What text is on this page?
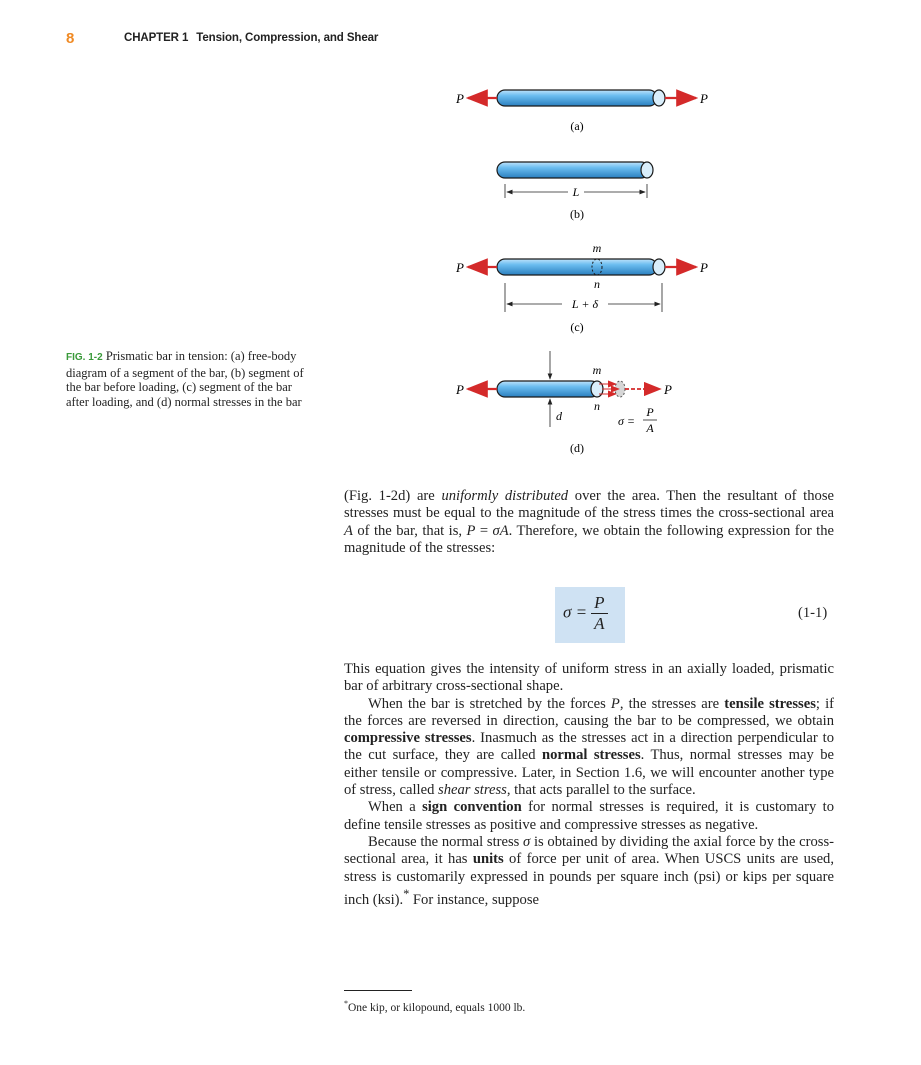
8	CHAPTER 1 Tension, Compression, and Shear
FIG. 1-2 Prismatic bar in tension: (a) free-body diagram of a segment of the bar, (b) segment of the bar before loading, (c) segment of the bar after loading, and (d) normal stresses in the bar
P	P
(a)
L
(b)
P	P
m
n
L + δ
(c)
P	P
m
n
d	σ =
P
A
(d)

(Fig. 1-2d) are uniformly distributed over the area. Then the resultant of those stresses must be equal to the magnitude of the stress times the cross-sectional area A of the bar, that is, P = σA. Therefore, we obtain the following expression for the magnitude of the stresses:

$\sigma = \frac{P}{A}$	(1-1)

This equation gives the intensity of uniform stress in an axially loaded, prismatic bar of arbitrary cross-sectional shape.

When the bar is stretched by the forces P, the stresses are tensile stresses; if the forces are reversed in direction, causing the bar to be compressed, we obtain compressive stresses. Inasmuch as the stresses act in a direction perpendicular to the cut surface, they are called normal stresses. Thus, normal stresses may be either tensile or compressive. Later, in Section 1.6, we will encounter another type of stress, called shear stress, that acts parallel to the surface.

When a sign convention for normal stresses is required, it is customary to define tensile stresses as positive and compressive stresses as negative.

Because the normal stress σ is obtained by dividing the axial force by the cross-sectional area, it has units of force per unit of area. When USCS units are used, stress is customarily expressed in pounds per square inch (psi) or kips per square inch (ksi).* For instance, suppose

*One kip, or kilopound, equals 1000 lb.
